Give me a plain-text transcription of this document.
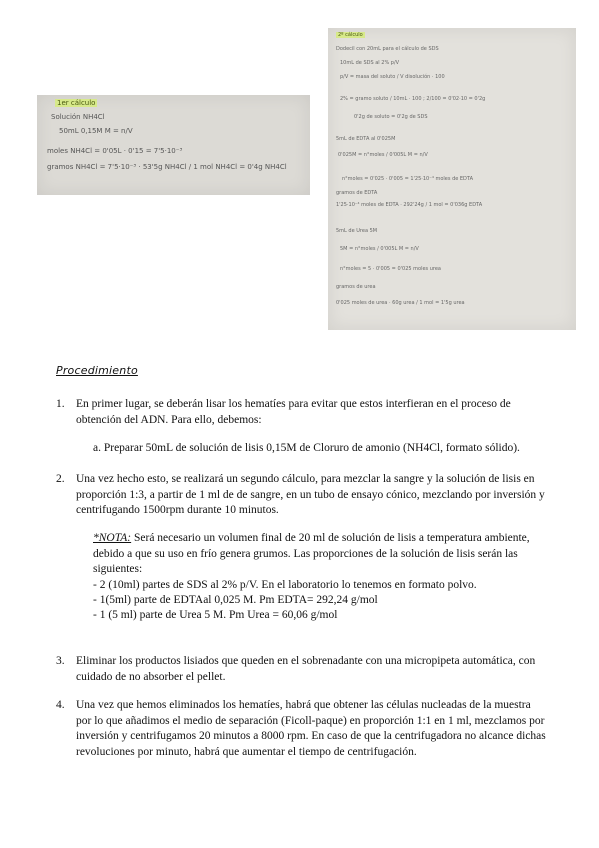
1er cálculo
Solución NH4Cl
50mL 0,15M M = n/V
moles NH4Cl = 0'05L · 0'15 = 7'5·10⁻³
gramos NH4Cl = 7'5·10⁻³ · 53'5g NH4Cl / 1 mol NH4Cl = 0'4g NH4Cl
2º cálculo
Dodecil con 20mL para el cálculo de SDS
10mL de SDS al 2% p/V
p/V = masa del soluto / V disolución · 100
2% = gramo soluto / 10mL · 100 ; 2/100 = 0'02·10 = 0'2g
0'2g de soluto = 0'2g de SDS
5mL de EDTA al 0'025M
0'025M = n°moles / 0'005L M = n/V
n°moles = 0'025 · 0'005 = 1'25·10⁻⁴ moles de EDTA
gramos de EDTA
1'25·10⁻⁴ moles de EDTA · 292'24g / 1 mol = 0'036g EDTA
5mL de Urea 5M
5M = n°moles / 0'005L M = n/V
n°moles = 5 · 0'005 = 0'025 moles urea
gramos de urea
0'025 moles de urea · 60g urea / 1 mol = 1'5g urea
Procedimiento
1. En primer lugar, se deberán lisar los hematíes para evitar que estos interfieran en el proceso de obtención del ADN. Para ello, debemos:
a. Preparar 50mL de solución de lisis 0,15M de Cloruro de amonio (NH4Cl, formato sólido).
2. Una vez hecho esto, se realizará un segundo cálculo, para mezclar la sangre y la solución de lisis en proporción 1:3, a partir de 1 ml de de sangre, en un tubo de ensayo cónico, mezclando por inversión y centrifugando 1500rpm durante 10 minutos.
*NOTA: Será necesario un volumen final de 20 ml de solución de lisis a temperatura ambiente, debido a que su uso en frío genera grumos. Las proporciones de la solución de lisis serán las siguientes:
- 2 (10ml) partes de SDS al 2% p/V. En el laboratorio lo tenemos en formato polvo.
- 1(5ml) parte de EDTAal 0,025 M. Pm EDTA= 292,24 g/mol
- 1 (5 ml) parte de Urea 5 M. Pm Urea = 60,06 g/mol
3. Eliminar los productos lisiados que queden en el sobrenadante con una micropipeta automática, con cuidado de no absorber el pellet.
4. Una vez que hemos eliminados los hematíes, habrá que obtener las células nucleadas de la muestra por lo que añadimos el medio de separación (Ficoll-paque) en proporción 1:1 en 1 ml, mezclamos por inversión y centrifugamos 20 minutos a 8000 rpm. En caso de que la centrifugadora no alcance dichas revoluciones por minuto, habrá que aumentar el tiempo de centrifugación.
